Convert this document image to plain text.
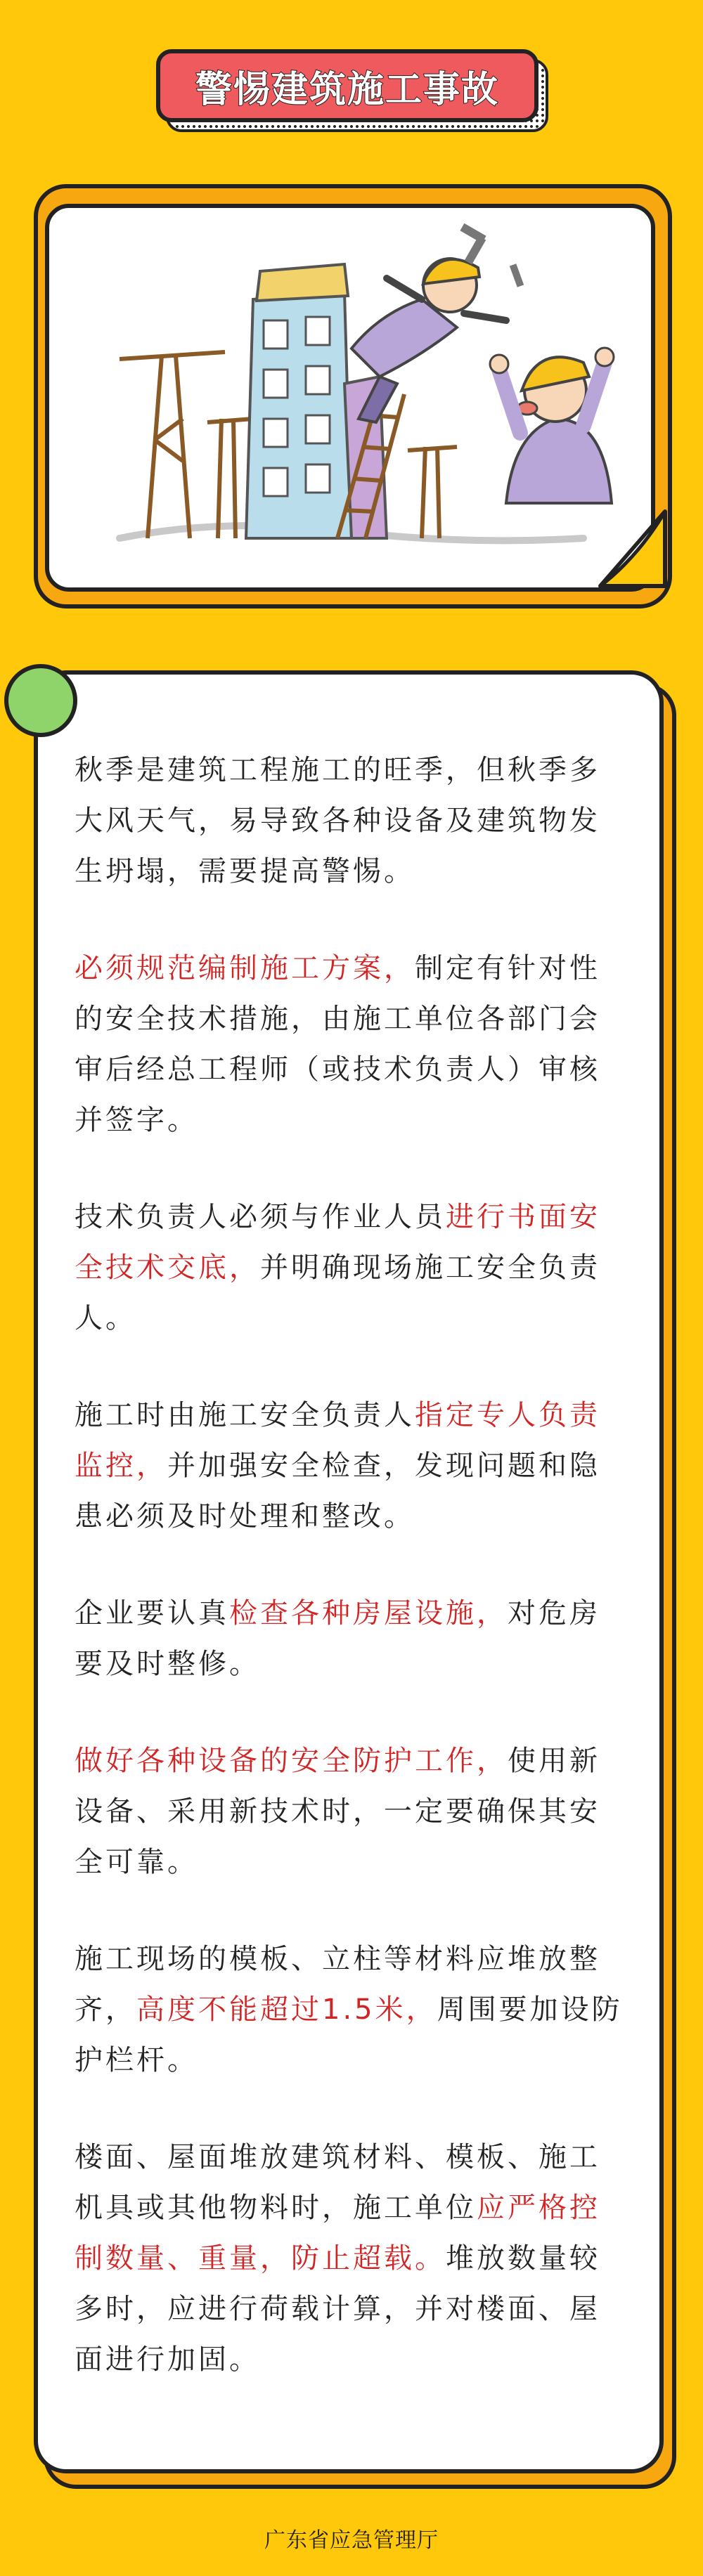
警惕建筑施工事故

秋季是建筑工程施工的旺季，但秋季多大风天气，易导致各种设备及建筑物发生坍塌，需要提高警惕。

必须规范编制施工方案，制定有针对性的安全技术措施，由施工单位各部门会审后经总工程师（或技术负责人）审核并签字。

技术负责人必须与作业人员进行书面安全技术交底，并明确现场施工安全负责人。

施工时由施工安全负责人指定专人负责监控，并加强安全检查，发现问题和隐患必须及时处理和整改。

企业要认真检查各种房屋设施，对危房要及时整修。

做好各种设备的安全防护工作，使用新设备、采用新技术时，一定要确保其安全可靠。

施工现场的模板、立柱等材料应堆放整齐，高度不能超过1.5米，周围要加设防护栏杆。

楼面、屋面堆放建筑材料、模板、施工机具或其他物料时，施工单位应严格控制数量、重量，防止超载。堆放数量较多时，应进行荷载计算，并对楼面、屋面进行加固。

广东省应急管理厅
